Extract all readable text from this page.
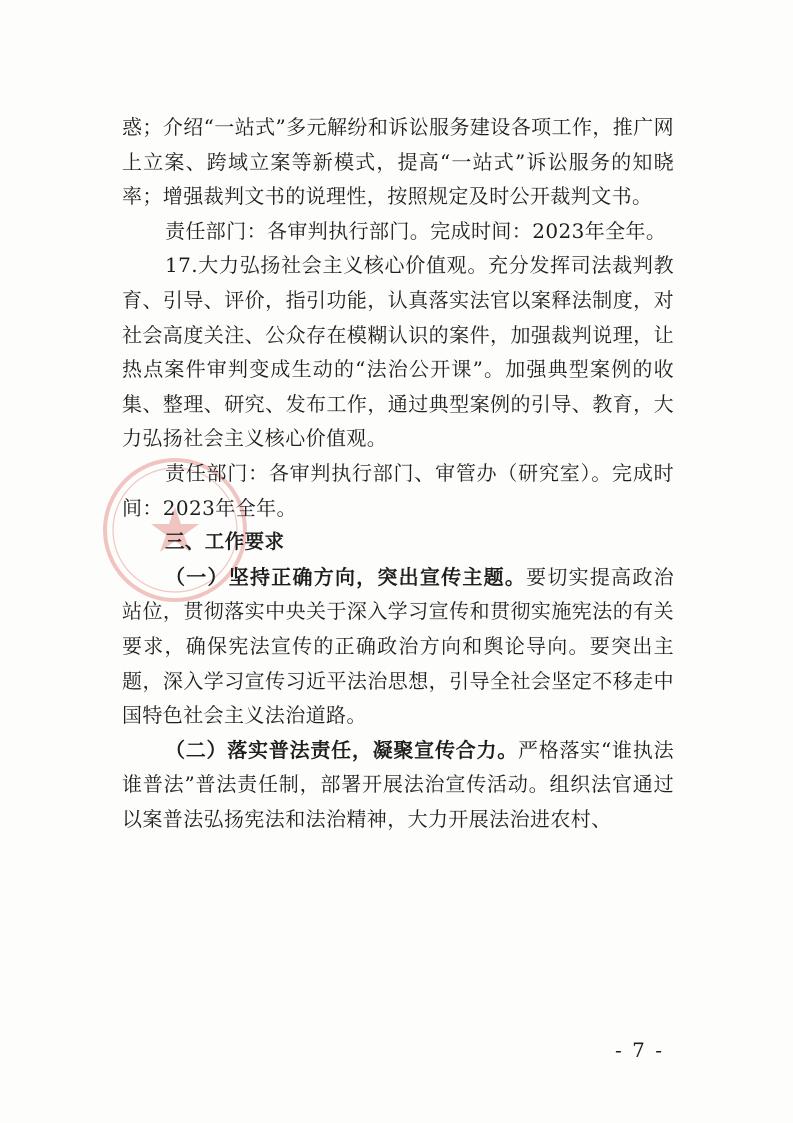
惑；介绍“一站式”多元解纷和诉讼服务建设各项工作，推广网上立案、跨域立案等新模式，提高“一站式”诉讼服务的知晓率；增强裁判文书的说理性，按照规定及时公开裁判文书。

责任部门：各审判执行部门。完成时间：2023年全年。

17.大力弘扬社会主义核心价值观。充分发挥司法裁判教育、引导、评价，指引功能，认真落实法官以案释法制度，对社会高度关注、公众存在模糊认识的案件，加强裁判说理，让热点案件审判变成生动的“法治公开课”。加强典型案例的收集、整理、研究、发布工作，通过典型案例的引导、教育，大力弘扬社会主义核心价值观。

责任部门：各审判执行部门、审管办（研究室）。完成时间：2023年全年。

三、工作要求

（一）坚持正确方向，突出宣传主题。要切实提高政治站位，贯彻落实中央关于深入学习宣传和贯彻实施宪法的有关要求，确保宪法宣传的正确政治方向和舆论导向。要突出主题，深入学习宣传习近平法治思想，引导全社会坚定不移走中国特色社会主义法治道路。

（二）落实普法责任，凝聚宣传合力。严格落实“谁执法谁普法”普法责任制，部署开展法治宣传活动。组织法官通过以案普法弘扬宪法和法治精神，大力开展法治进农村、

- 7 -
